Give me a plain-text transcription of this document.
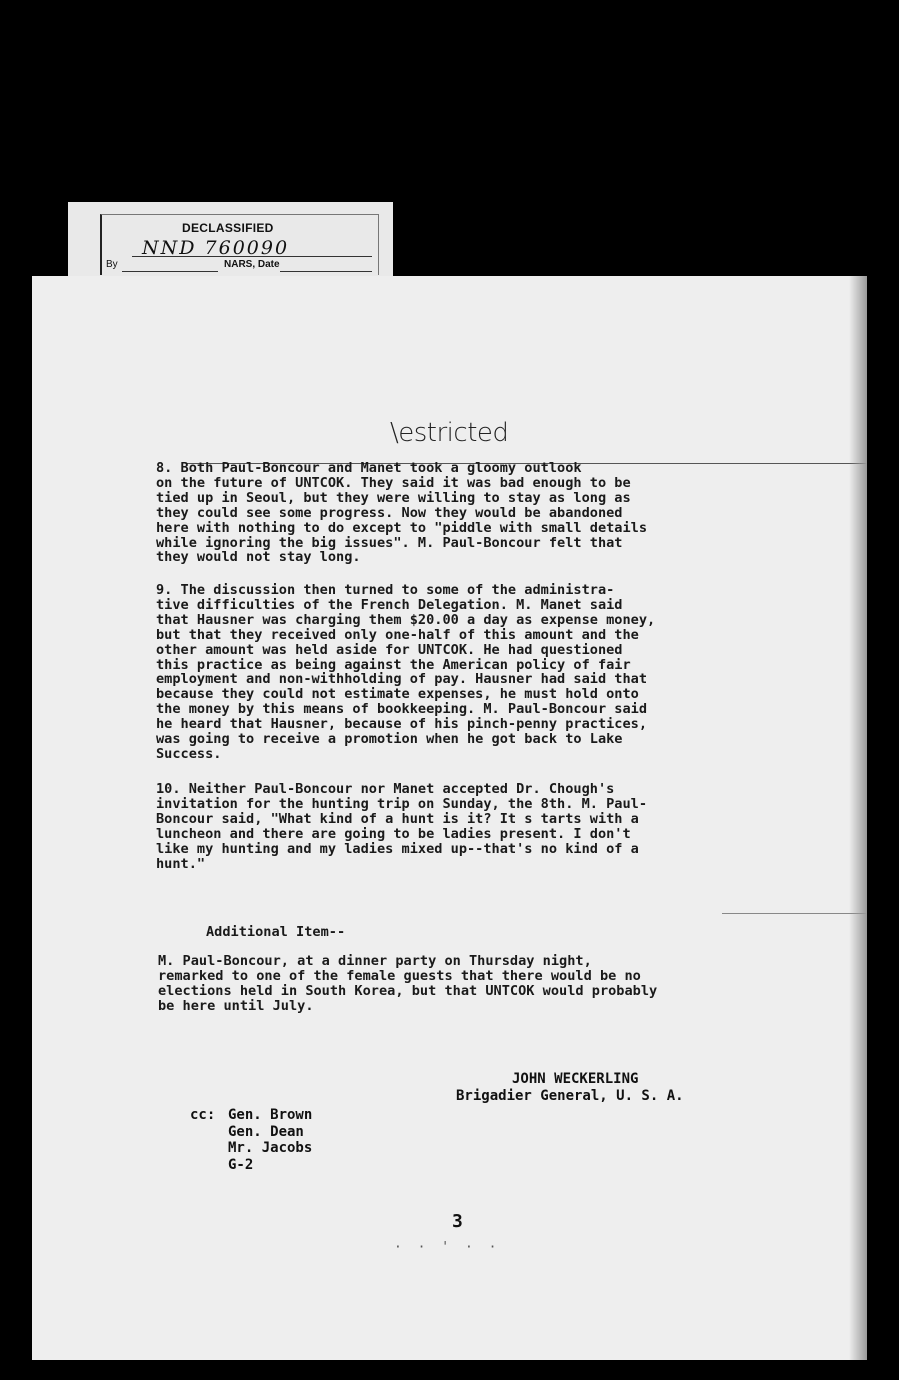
DECLASSIFIED
NND 760090
By	NARS, Date
\estricted
8. Both Paul-Boncour and Manet took a gloomy outlook
on the future of UNTCOK. They said it was bad enough to be
tied up in Seoul, but they were willing to stay as long as
they could see some progress. Now they would be abandoned
here with nothing to do except to "piddle with small details
while ignoring the big issues". M. Paul-Boncour felt that
they would not stay long.
9. The discussion then turned to some of the administra-
tive difficulties of the French Delegation. M. Manet said
that Hausner was charging them $20.00 a day as expense money,
but that they received only one-half of this amount and the
other amount was held aside for UNTCOK. He had questioned
this practice as being against the American policy of fair
employment and non-withholding of pay. Hausner had said that
because they could not estimate expenses, he must hold onto
the money by this means of bookkeeping. M. Paul-Boncour said
he heard that Hausner, because of his pinch-penny practices,
was going to receive a promotion when he got back to Lake
Success.
10. Neither Paul-Boncour nor Manet accepted Dr. Chough's
invitation for the hunting trip on Sunday, the 8th. M. Paul-
Boncour said, "What kind of a hunt is it? It s tarts with a
luncheon and there are going to be ladies present. I don't
like my hunting and my ladies mixed up--that's no kind of a
hunt."
Additional Item--
M. Paul-Boncour, at a dinner party on Thursday night,
remarked to one of the female guests that there would be no
elections held in South Korea, but that UNTCOK would probably
be here until July.
JOHN WECKERLING
Brigadier General, U. S. A.
cc: Gen. Brown
Gen. Dean
Mr. Jacobs
G-2
3
· · ' · ·
